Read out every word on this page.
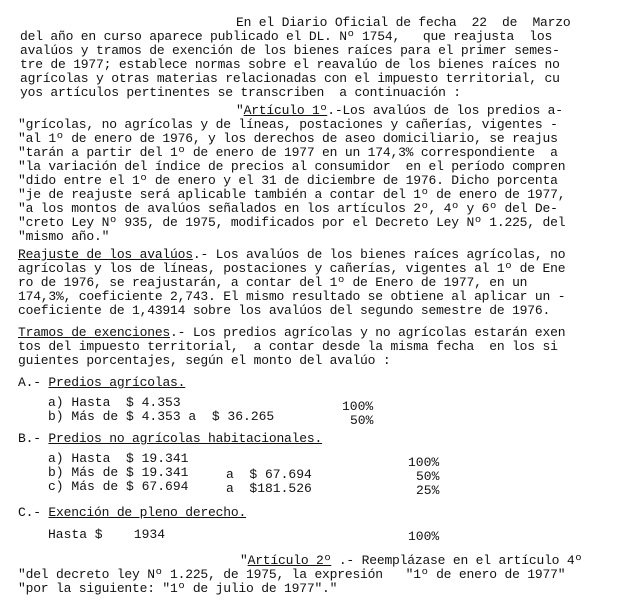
En el Diario Oficial de fecha  22  de  Marzo
del año en curso aparece publicado el DL. Nº 1754,   que reajusta  los
avalúos y tramos de exención de los bienes raíces para el primer semes-
tre de 1977; establece normas sobre el reavalúo de los bienes raíces no
agrícolas y otras materias relacionadas con el impuesto territorial, cu
yos artículos pertinentes se transcriben  a continuación :
"Artículo 1º.-Los avalúos de los predios a-
"grícolas, no agrícolas y de líneas, postaciones y cañerías, vigentes -
"al 1º de enero de 1976, y los derechos de aseo domiciliario, se reajus
"tarán a partir del 1º de enero de 1977 en un 174,3% correspondiente  a
"la variación del índice de precios al consumidor  en el período compren
"dido entre el 1º de enero y el 31 de diciembre de 1976. Dicho porcenta
"je de reajuste será aplicable también a contar del 1º de enero de 1977,
"a los montos de avalúos señalados en los artículos 2º, 4º y 6º del De-
"creto Ley Nº 935, de 1975, modificados por el Decreto Ley Nº 1.225, del
"mismo año."
Reajuste de los avalúos.- Los avalúos de los bienes raíces agrícolas, no
agrícolas y los de líneas, postaciones y cañerías, vigentes al 1º de Ene
ro de 1976, se reajustarán, a contar del 1º de Enero de 1977, en un
174,3%, coeficiente 2,743. El mismo resultado se obtiene al aplicar un -
coeficiente de 1,43914 sobre los avalúos del segundo semestre de 1976.
Tramos de exenciones.- Los predios agrícolas y no agrícolas estarán exen
tos del impuesto territorial,  a contar desde la misma fecha  en los si
guientes porcentajes, según el monto del avalúo :
A.- Predios agrícolas.
a) Hasta  $ 4.353	100%
b) Más de $ 4.353 a  $ 36.265	50%
B.- Predios no agrícolas habitacionales.
a) Hasta  $ 19.341	100%
b) Más de $ 19.341	a  $ 67.694	50%
c) Más de $ 67.694	a  $181.526	25%
C.- Exención de pleno derecho.
Hasta $    1934	100%
"Artículo 2º .- Reemplázase en el artículo 4º
"del decreto ley Nº 1.225, de 1975, la expresión   "1º de enero de 1977"
"por la siguiente: "1º de julio de 1977"."
